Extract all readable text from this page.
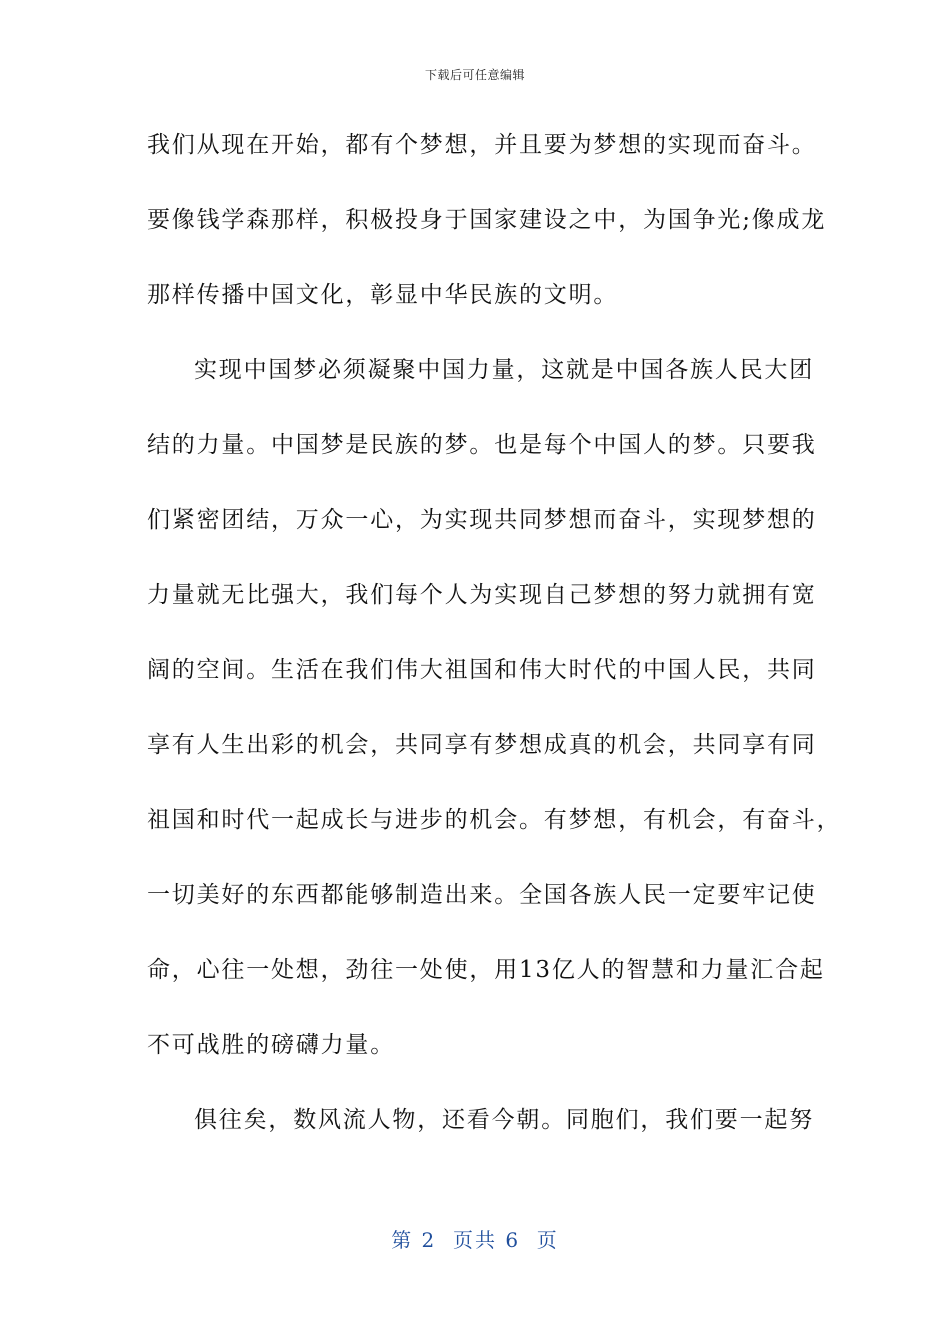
下载后可任意编辑
我们从现在开始，都有个梦想，并且要为梦想的实现而奋斗。
要像钱学森那样，积极投身于国家建设之中，为国争光;像成龙
那样传播中国文化，彰显中华民族的文明。
实现中国梦必须凝聚中国力量，这就是中国各族人民大团
结的力量。中国梦是民族的梦。也是每个中国人的梦。只要我
们紧密团结，万众一心，为实现共同梦想而奋斗，实现梦想的
力量就无比强大，我们每个人为实现自己梦想的努力就拥有宽
阔的空间。生活在我们伟大祖国和伟大时代的中国人民，共同
享有人生出彩的机会，共同享有梦想成真的机会，共同享有同
祖国和时代一起成长与进步的机会。有梦想，有机会，有奋斗，
一切美好的东西都能够制造出来。全国各族人民一定要牢记使
命，心往一处想，劲往一处使，用13亿人的智慧和力量汇合起
不可战胜的磅礴力量。
俱往矣，数风流人物，还看今朝。同胞们，我们要一起努
第 2  页共 6  页
